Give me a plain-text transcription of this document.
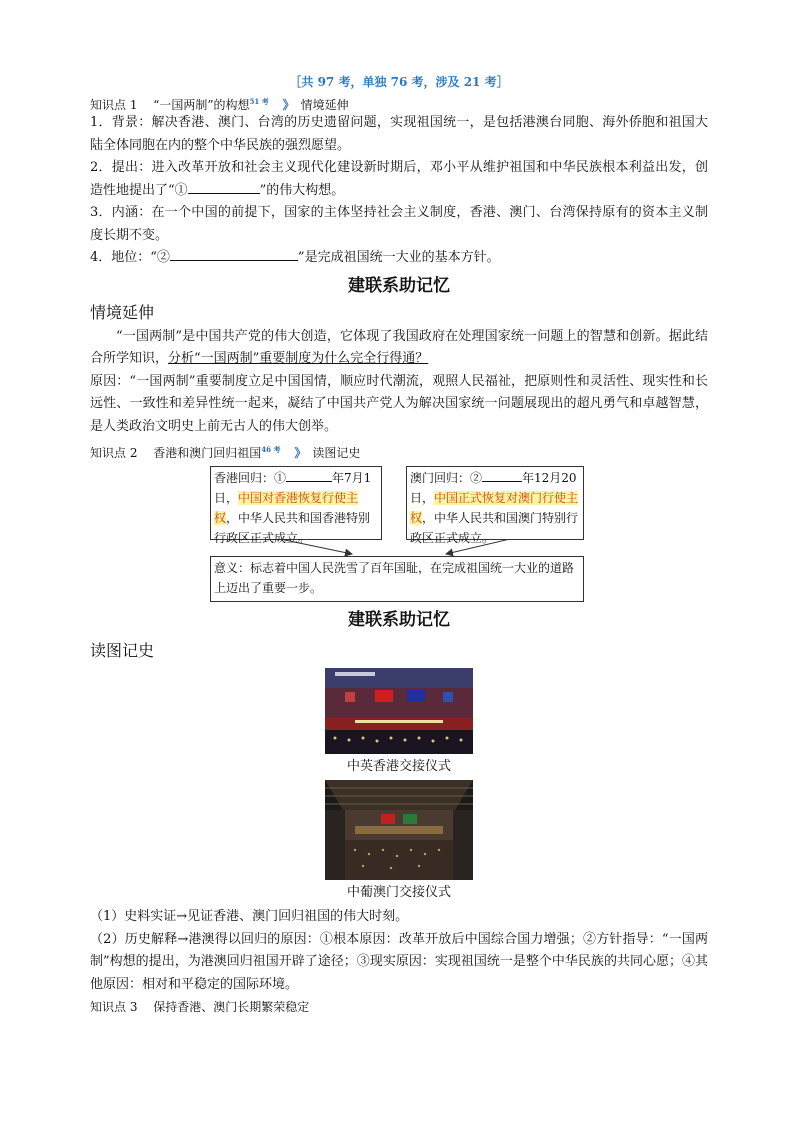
［共 97 考，单独 76 考，涉及 21 考］
知识点 1 “一国两制”的构想$^{51 考}$ 》 情境延伸
1．背景：解决香港、澳门、台湾的历史遗留问题，实现祖国统一，是包括港澳台同胞、海外侨胞和祖国大陆全体同胞在内的整个中华民族的强烈愿望。
2．提出：进入改革开放和社会主义现代化建设新时期后，邓小平从维护祖国和中华民族根本利益出发，创造性地提出了“①	”的伟大构想。
3．内涵：在一个中国的前提下，国家的主体坚持社会主义制度，香港、澳门、台湾保持原有的资本主义制度长期不变。
4．地位：“②	”是完成祖国统一大业的基本方针。
建联系助记忆
情境延伸
“一国两制”是中国共产党的伟大创造，它体现了我国政府在处理国家统一问题上的智慧和创新。据此结合所学知识，分析“一国两制”重要制度为什么完全行得通？
原因：“一国两制”重要制度立足中国国情，顺应时代潮流，观照人民福祉，把原则性和灵活性、现实性和长远性、一致性和差异性统一起来，凝结了中国共产党人为解决国家统一问题展现出的超凡勇气和卓越智慧，是人类政治文明史上前无古人的伟大创举。
知识点 2 香港和澳门回归祖国$^{46 考}$ 》 读图记史
香港回归：①	年7月1日，中国对香港恢复行使主权，中华人民共和国香港特别行政区正式成立。
澳门回归：②	年12月20日，中国正式恢复对澳门行使主权，中华人民共和国澳门特别行政区正式成立。
意义：标志着中国人民洗雪了百年国耻，在完成祖国统一大业的道路上迈出了重要一步。
建联系助记忆
读图记史
中英香港交接仪式
中葡澳门交接仪式
（1）史料实证→见证香港、澳门回归祖国的伟大时刻。
（2）历史解释→港澳得以回归的原因：①根本原因：改革开放后中国综合国力增强；②方针指导：“一国两制”构想的提出，为港澳回归祖国开辟了途径；③现实原因：实现祖国统一是整个中华民族的共同心愿；④其他原因：相对和平稳定的国际环境。
知识点 3 保持香港、澳门长期繁荣稳定
